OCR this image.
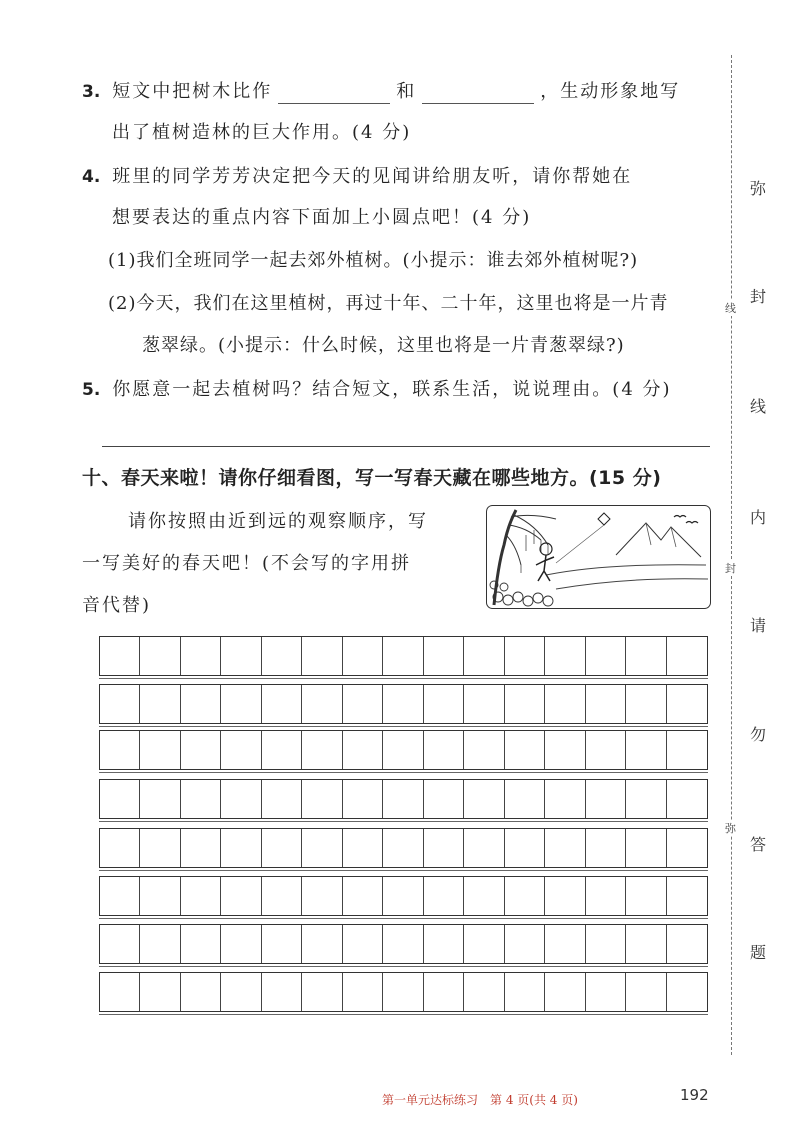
3. 短文中把树木比作	和	，生动形象地写
出了植树造林的巨大作用。(4 分)
4. 班里的同学芳芳决定把今天的见闻讲给朋友听，请你帮她在
想要表达的重点内容下面加上小圆点吧！(4 分)
(1)我们全班同学一起去郊外植树。(小提示：谁去郊外植树呢?)
(2)今天，我们在这里植树，再过十年、二十年，这里也将是一片青
葱翠绿。(小提示：什么时候，这里也将是一片青葱翠绿?)
5. 你愿意一起去植树吗？结合短文，联系生活，说说理由。(4 分)
十、春天来啦！请你仔细看图，写一写春天藏在哪些地方。(15 分)
请你按照由近到远的观察顺序，写
一写美好的春天吧！(不会写的字用拼
音代替)
弥
封
线
内
请
勿
答
题
线
封
弥
第一单元达标练习　第 4 页(共 4 页)	192
